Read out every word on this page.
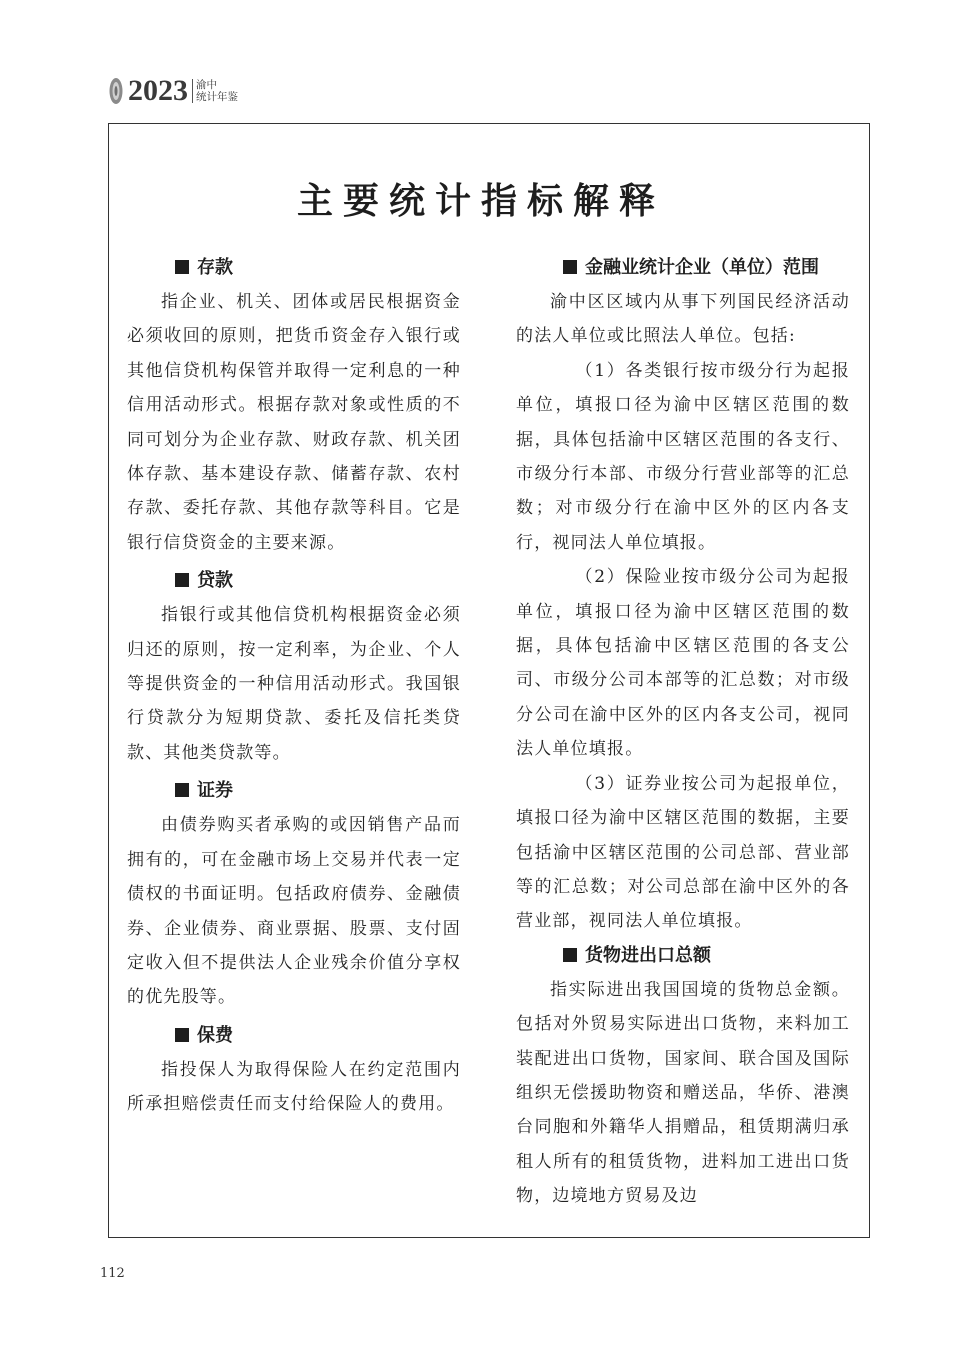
2023 渝中
统计年鉴
主要统计指标解释
存款

指企业、机关、团体或居民根据资金必须收回的原则，把货币资金存入银行或其他信贷机构保管并取得一定利息的一种信用活动形式。根据存款对象或性质的不同可划分为企业存款、财政存款、机关团体存款、基本建设存款、储蓄存款、农村存款、委托存款、其他存款等科目。它是银行信贷资金的主要来源。

贷款

指银行或其他信贷机构根据资金必须归还的原则，按一定利率，为企业、个人等提供资金的一种信用活动形式。我国银行贷款分为短期贷款、委托及信托类贷款、其他类贷款等。

证券

由债券购买者承购的或因销售产品而拥有的，可在金融市场上交易并代表一定债权的书面证明。包括政府债券、金融债券、企业债券、商业票据、股票、支付固定收入但不提供法人企业残余价值分享权的优先股等。

保费

指投保人为取得保险人在约定范围内所承担赔偿责任而支付给保险人的费用。

金融业统计企业（单位）范围

渝中区区域内从事下列国民经济活动的法人单位或比照法人单位。包括:

（1）各类银行按市级分行为起报单位，填报口径为渝中区辖区范围的数据，具体包括渝中区辖区范围的各支行、市级分行本部、市级分行营业部等的汇总数；对市级分行在渝中区外的区内各支行，视同法人单位填报。

（2）保险业按市级分公司为起报单位，填报口径为渝中区辖区范围的数据，具体包括渝中区辖区范围的各支公司、市级分公司本部等的汇总数；对市级分公司在渝中区外的区内各支公司，视同法人单位填报。

（3）证券业按公司为起报单位，填报口径为渝中区辖区范围的数据，主要包括渝中区辖区范围的公司总部、营业部等的汇总数；对公司总部在渝中区外的各营业部，视同法人单位填报。

货物进出口总额

指实际进出我国国境的货物总金额。包括对外贸易实际进出口货物，来料加工装配进出口货物，国家间、联合国及国际组织无偿援助物资和赠送品，华侨、港澳台同胞和外籍华人捐赠品，租赁期满归承租人所有的租赁货物，进料加工进出口货物，边境地方贸易及边

112
